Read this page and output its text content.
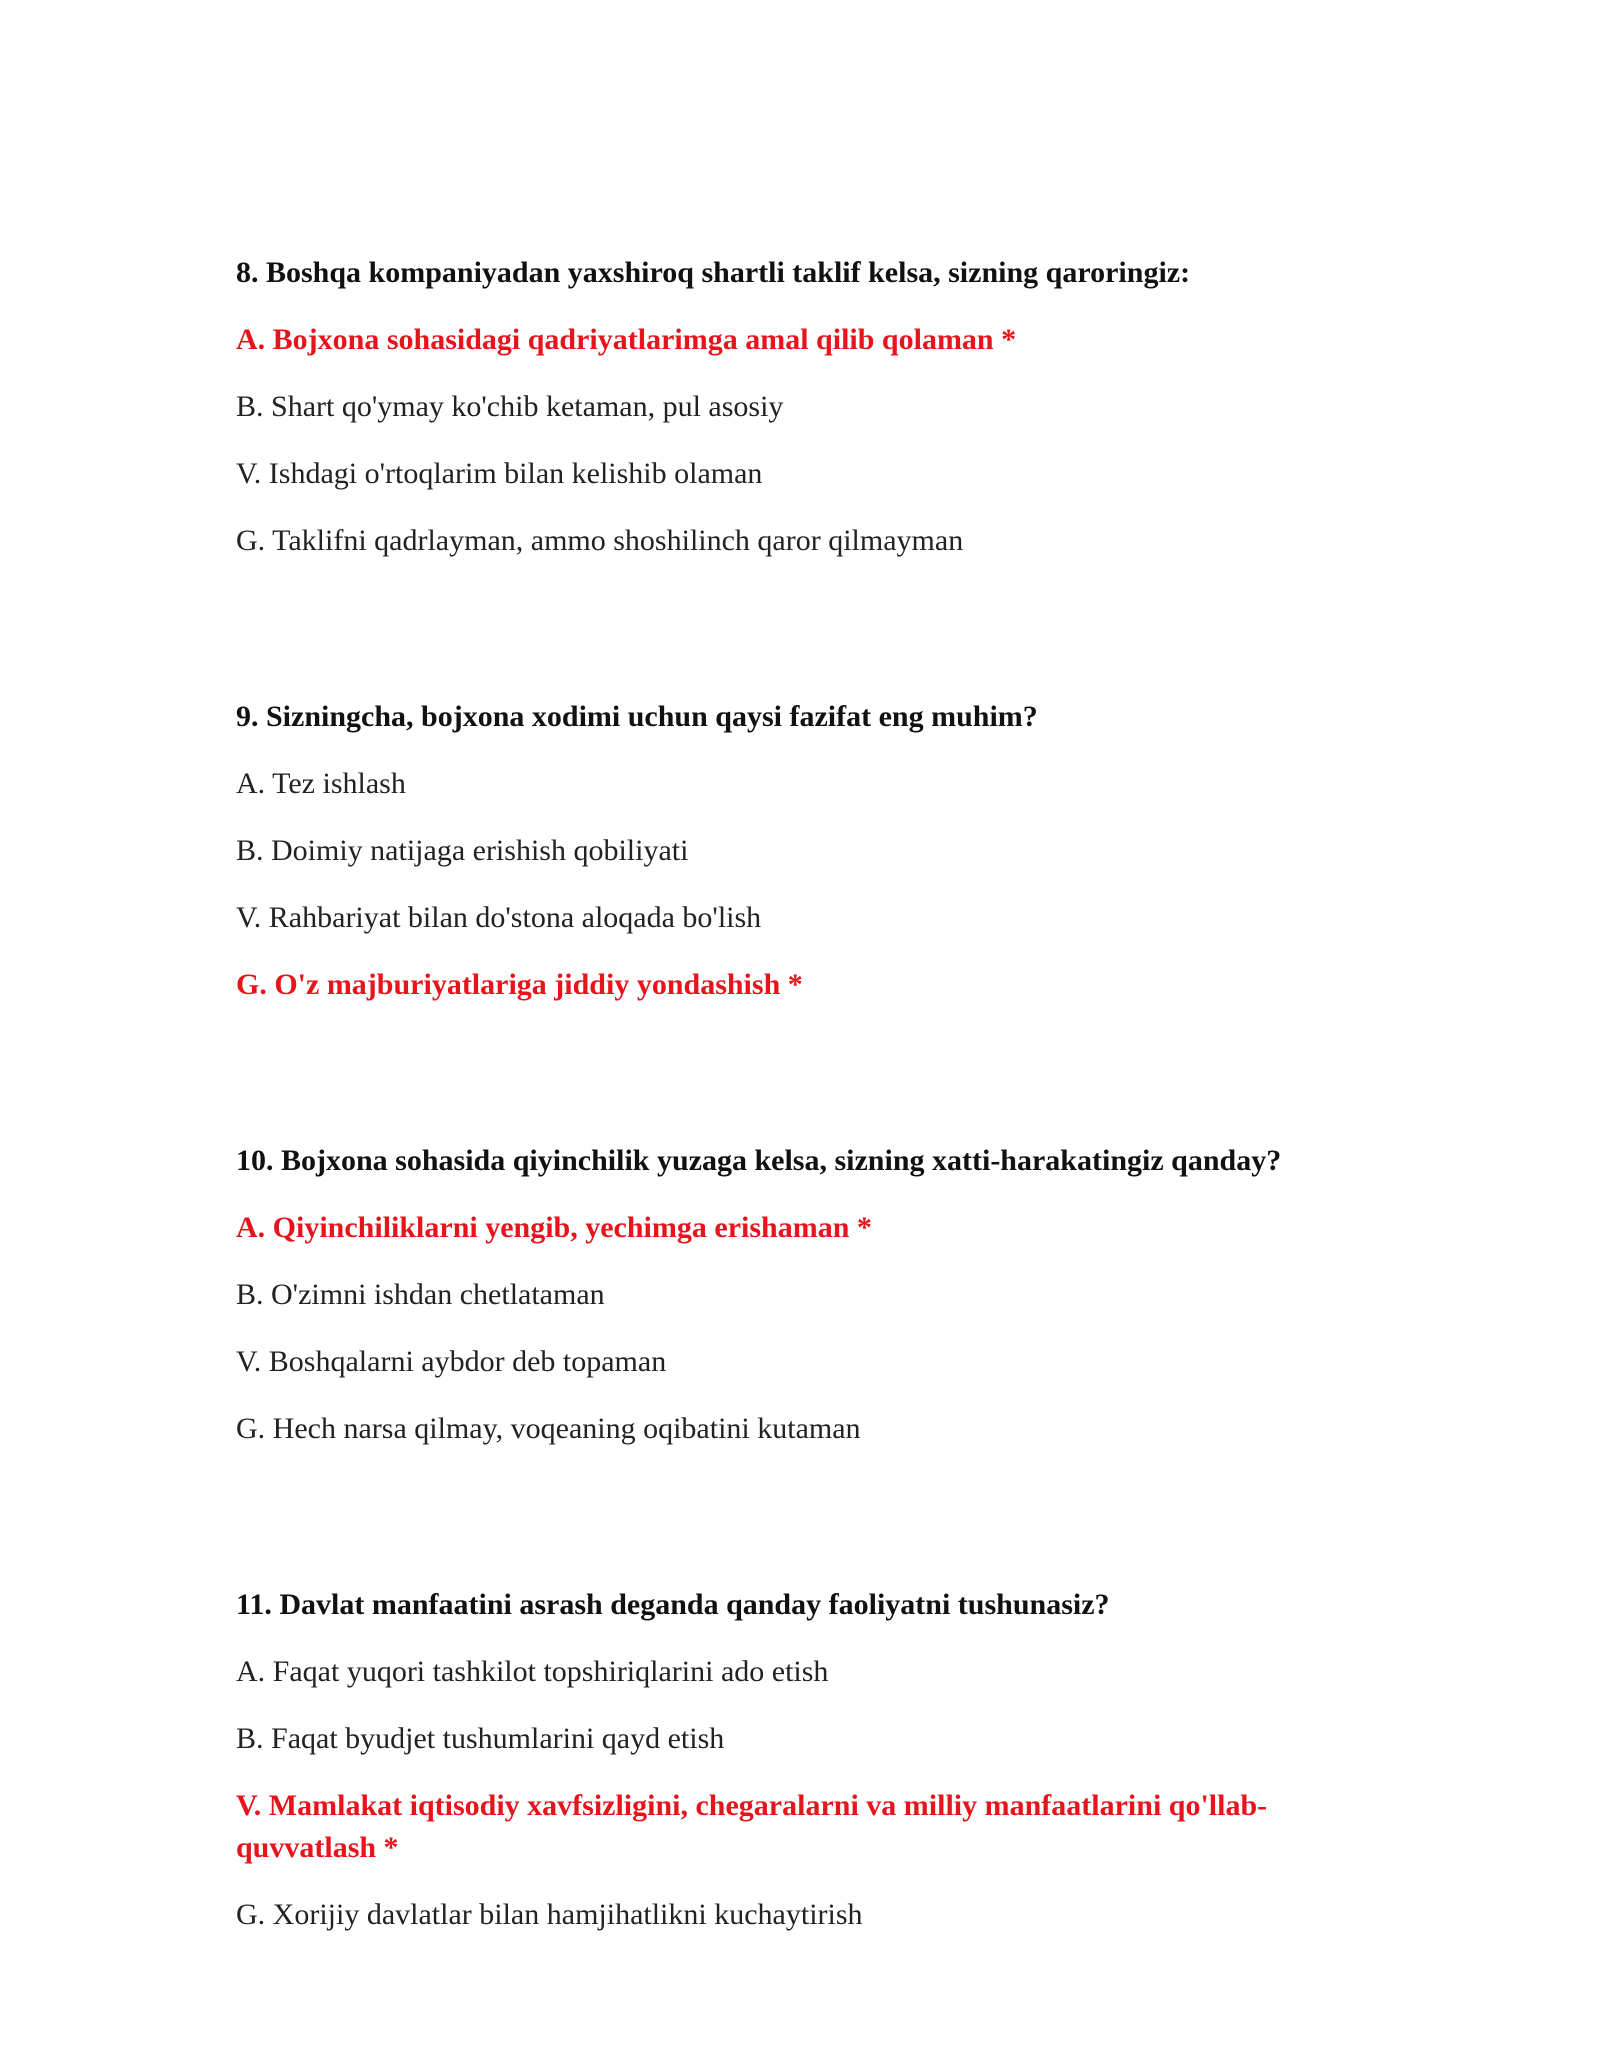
8. Boshqa kompaniyadan yaxshiroq shartli taklif kelsa, sizning qaroringiz:

A. Bojxona sohasidagi qadriyatlarimga amal qilib qolaman *

B. Shart qo'ymay ko'chib ketaman, pul asosiy

V. Ishdagi o'rtoqlarim bilan kelishib olaman

G. Taklifni qadrlayman, ammo shoshilinch qaror qilmayman

9. Sizningcha, bojxona xodimi uchun qaysi fazifat eng muhim?

A. Tez ishlash

B. Doimiy natijaga erishish qobiliyati

V. Rahbariyat bilan do'stona aloqada bo'lish

G. O'z majburiyatlariga jiddiy yondashish *

10. Bojxona sohasida qiyinchilik yuzaga kelsa, sizning xatti-harakatingiz qanday?

A. Qiyinchiliklarni yengib, yechimga erishaman *

B. O'zimni ishdan chetlataman

V. Boshqalarni aybdor deb topaman

G. Hech narsa qilmay, voqeaning oqibatini kutaman

11. Davlat manfaatini asrash deganda qanday faoliyatni tushunasiz?

A. Faqat yuqori tashkilot topshiriqlarini ado etish

B. Faqat byudjet tushumlarini qayd etish

V. Mamlakat iqtisodiy xavfsizligini, chegaralarni va milliy manfaatlarini qo'llab-quvvatlash *

G. Xorijiy davlatlar bilan hamjihatlikni kuchaytirish
